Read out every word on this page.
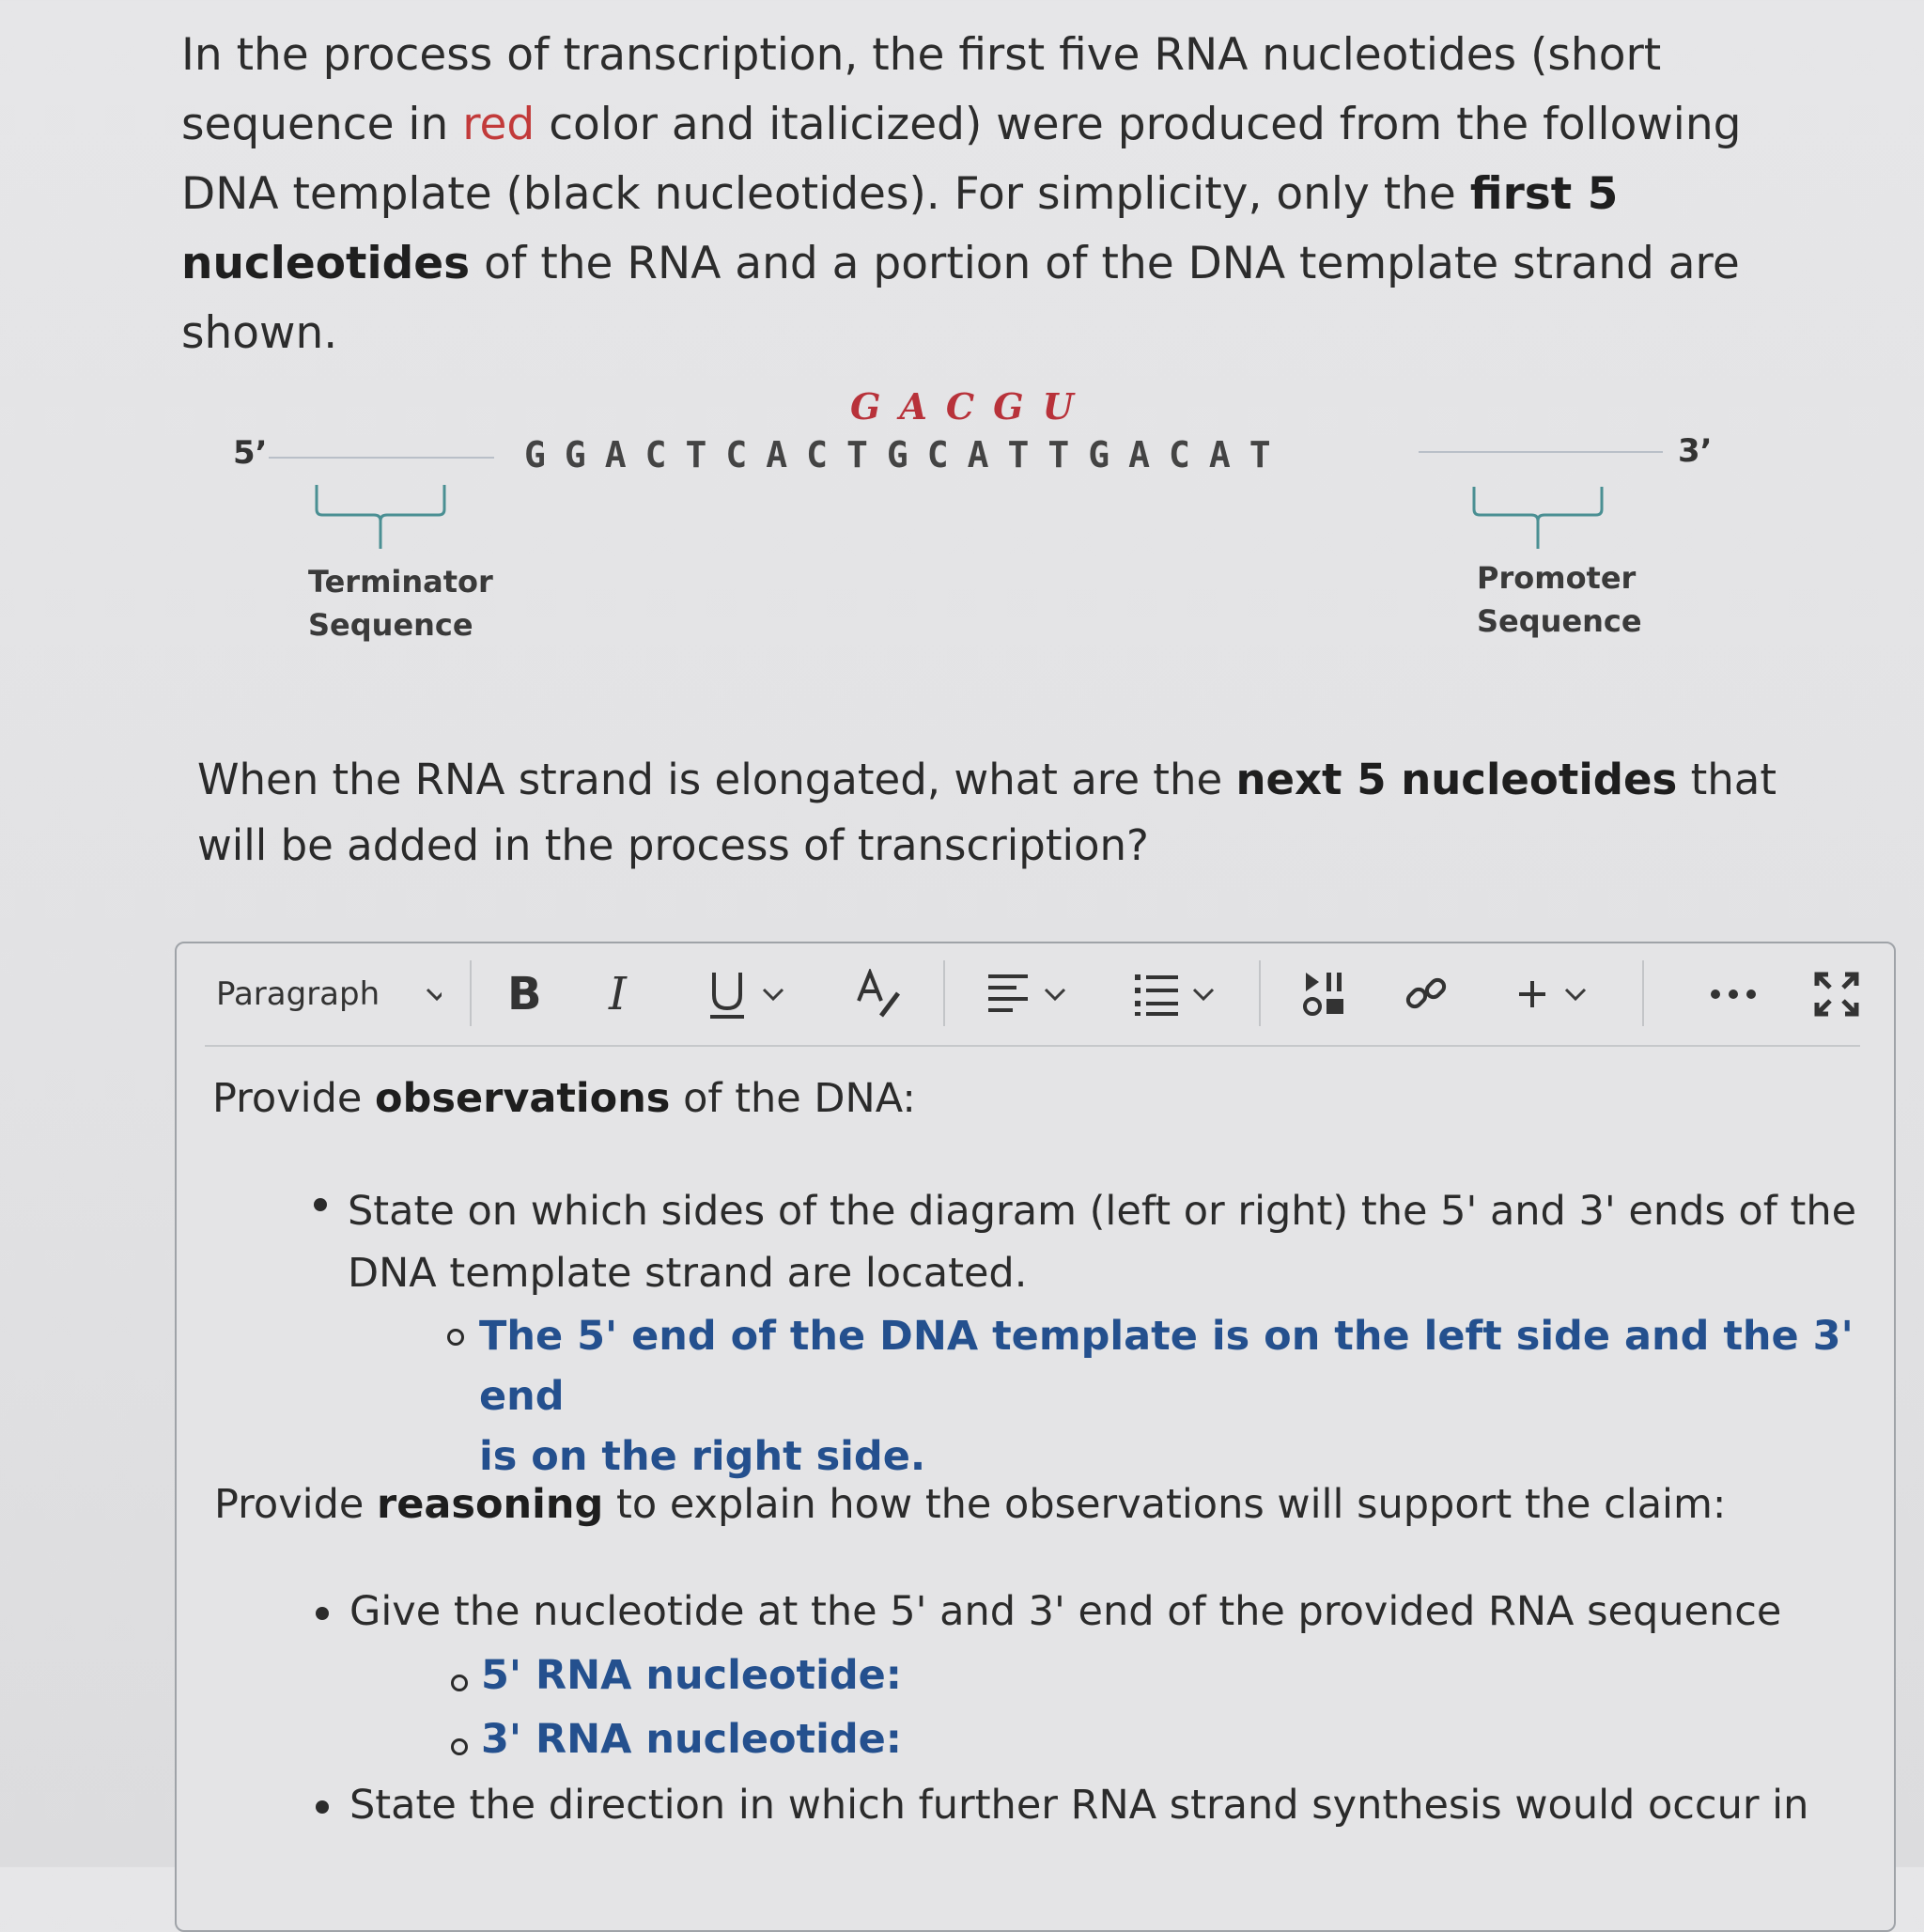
In the process of transcription, the first five RNA nucleotides (short sequence in red color and italicized) were produced from the following DNA template (black nucleotides). For simplicity, only the first 5 nucleotides of the RNA and a portion of the DNA template strand are shown.
5’
GACGU
GGACTCACTGCATTGACAT	3’
Terminator
Sequence
Promoter
Sequence
When the RNA strand is elongated, what are the next 5 nucleotides that will be added in the process of transcription?
Paragraph	B I
Provide observations of the DNA:
State on which sides of the diagram (left or right) the 5' and 3' ends of the
DNA template strand are located.
The 5' end of the DNA template is on the left side and the 3' end
is on the right side.
Provide reasoning to explain how the observations will support the claim:
Give the nucleotide at the 5' and 3' end of the provided RNA sequence
5' RNA nucleotide:
3' RNA nucleotide:
State the direction in which further RNA strand synthesis would occur in
